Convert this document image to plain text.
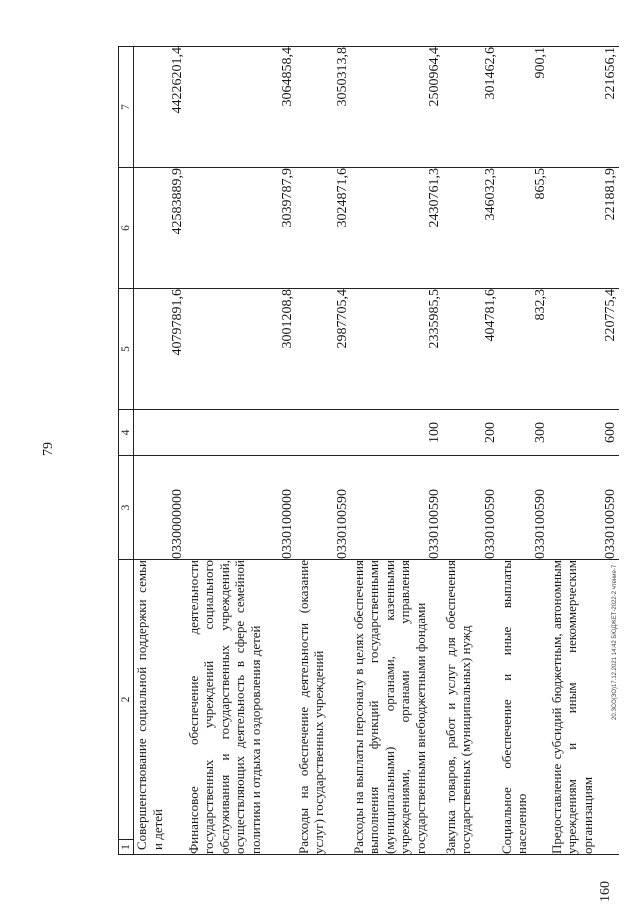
79
160
20.ЗСО(ЗО)17.12.2021 14:42 БЮДЖЕТ-2022-2 чтение-7
1	2	3	4	5	6	7
Совершенствование социальной поддержки семьи и детей		0330000000		40797891,6	42583889,9	44226201,4
Финансовое обеспечение деятельности государственных учреждений социального обслуживания и государственных учреждений, осуществляющих деятельность в сфере семейной политики и отдыха и оздоровления детей		0330100000		3001208,8	3039787,9	3064858,4
Расходы на обеспечение деятельности (оказание услуг) государственных учреждений		0330100590		2987705,4	3024871,6	3050313,8
Расходы на выплаты персоналу в целях обеспечения выполнения функций государственными (муниципальными) органами, казенными учреждениями, органами управления государственными внебюджетными фондами		0330100590	100	2335985,5	2430761,3	2500964,4
Закупка товаров, работ и услуг для обеспечения государственных (муниципальных) нужд		0330100590	200	404781,6	346032,3	301462,6
Социальное обеспечение и иные выплаты населению		0330100590	300	832,3	865,5	900,1
Предоставление субсидий бюджетным, автономным учреждениям и иным некоммерческим организациям		0330100590	600	220775,4	221881,9	221656,1
